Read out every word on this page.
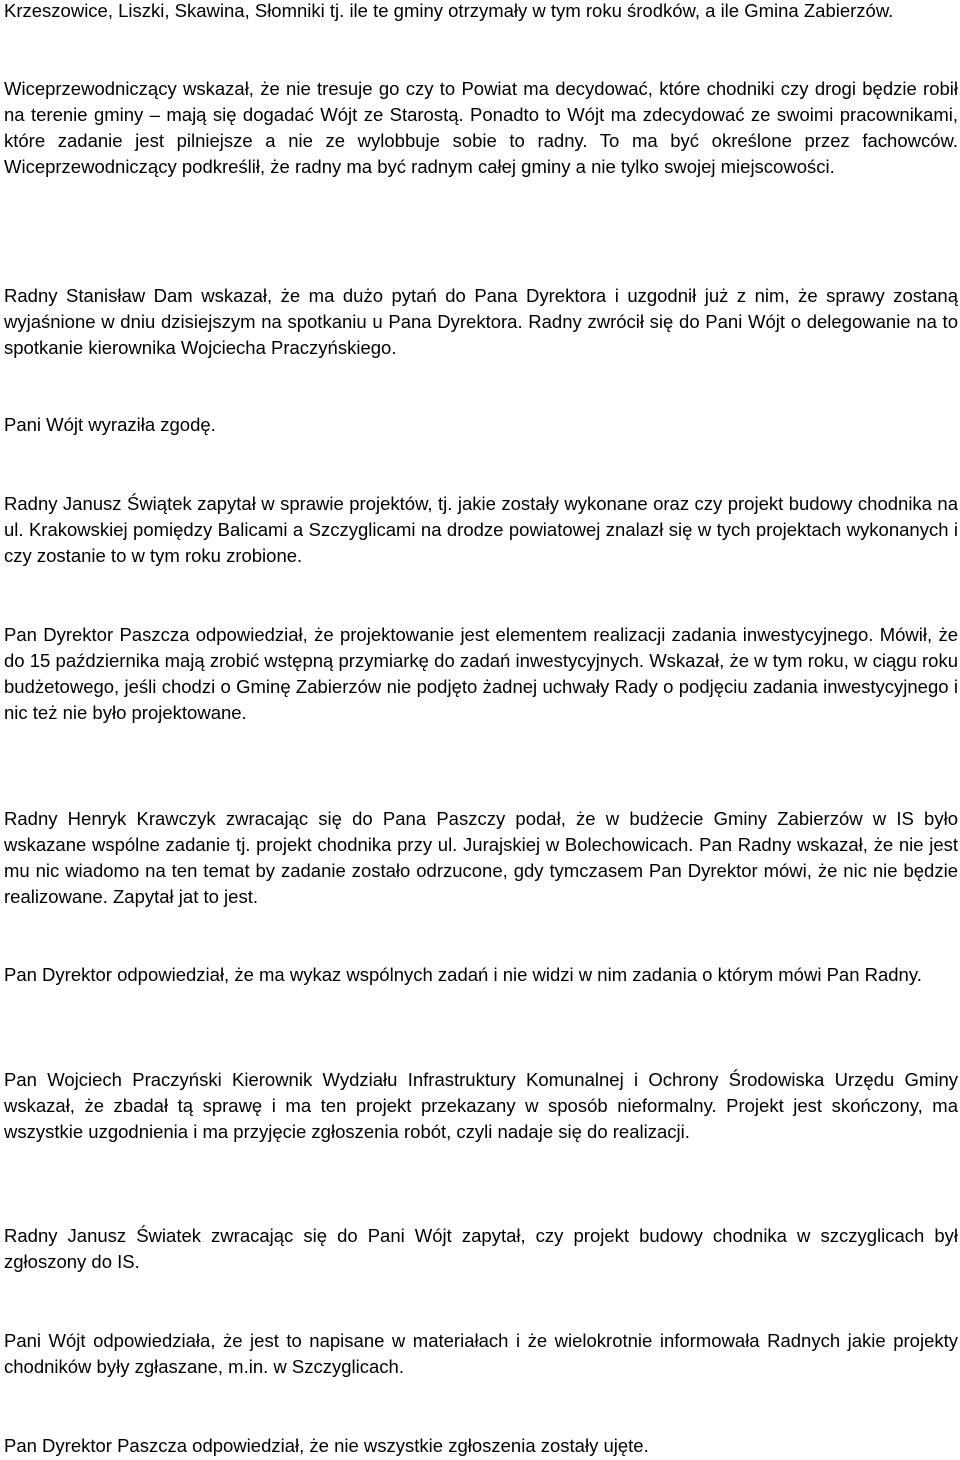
Krzeszowice, Liszki, Skawina, Słomniki tj. ile te gminy otrzymały w tym roku środków, a ile Gmina Zabierzów.

Wiceprzewodniczący wskazał, że nie tresuje go czy to Powiat ma decydować, które chodniki czy drogi będzie robił na terenie gminy – mają się dogadać Wójt ze Starostą. Ponadto to Wójt ma zdecydować ze swoimi pracownikami, które zadanie jest pilniejsze a nie ze wylobbuje sobie to radny. To ma być określone przez fachowców. Wiceprzewodniczący podkreślił, że radny ma być radnym całej gminy a nie tylko swojej miejscowości.

Radny Stanisław Dam wskazał, że ma dużo pytań do Pana Dyrektora i uzgodnił już z nim, że sprawy zostaną wyjaśnione w dniu dzisiejszym na spotkaniu u Pana Dyrektora. Radny zwrócił się do Pani Wójt o delegowanie na to spotkanie kierownika Wojciecha Praczyńskiego.

Pani Wójt wyraziła zgodę.

Radny Janusz Świątek zapytał w sprawie projektów, tj. jakie zostały wykonane oraz czy projekt budowy chodnika na ul. Krakowskiej pomiędzy Balicami a Szczyglicami na drodze powiatowej znalazł się w tych projektach wykonanych i czy zostanie to w tym roku zrobione.

Pan Dyrektor Paszcza odpowiedział, że projektowanie jest elementem realizacji zadania inwestycyjnego. Mówił, że do 15 października mają zrobić wstępną przymiarkę do zadań inwestycyjnych. Wskazał, że w tym roku, w ciągu roku budżetowego, jeśli chodzi o Gminę Zabierzów nie podjęto żadnej uchwały Rady o podjęciu zadania inwestycyjnego i nic też nie było projektowane.

Radny Henryk Krawczyk zwracając się do Pana Paszczy podał, że w budżecie Gminy Zabierzów w IS było wskazane wspólne zadanie tj. projekt chodnika przy ul. Jurajskiej w Bolechowicach. Pan Radny wskazał, że nie jest mu nic wiadomo na ten temat by zadanie zostało odrzucone, gdy tymczasem Pan Dyrektor mówi, że nic nie będzie realizowane. Zapytał jat to jest.

Pan Dyrektor odpowiedział, że ma wykaz wspólnych zadań i nie widzi w nim zadania o którym mówi Pan Radny.

Pan Wojciech Praczyński Kierownik Wydziału Infrastruktury Komunalnej i Ochrony Środowiska Urzędu Gminy wskazał, że zbadał tą sprawę i ma ten projekt przekazany w sposób nieformalny. Projekt jest skończony, ma wszystkie uzgodnienia i ma przyjęcie zgłoszenia robót, czyli nadaje się do realizacji.

Radny Janusz Światek zwracając się do Pani Wójt zapytał, czy projekt budowy chodnika w szczyglicach był zgłoszony do IS.

Pani Wójt odpowiedziała, że jest to napisane w materiałach i że wielokrotnie informowała Radnych jakie projekty chodników były zgłaszane, m.in. w Szczyglicach.

Pan Dyrektor Paszcza odpowiedział, że nie wszystkie zgłoszenia zostały ujęte.
